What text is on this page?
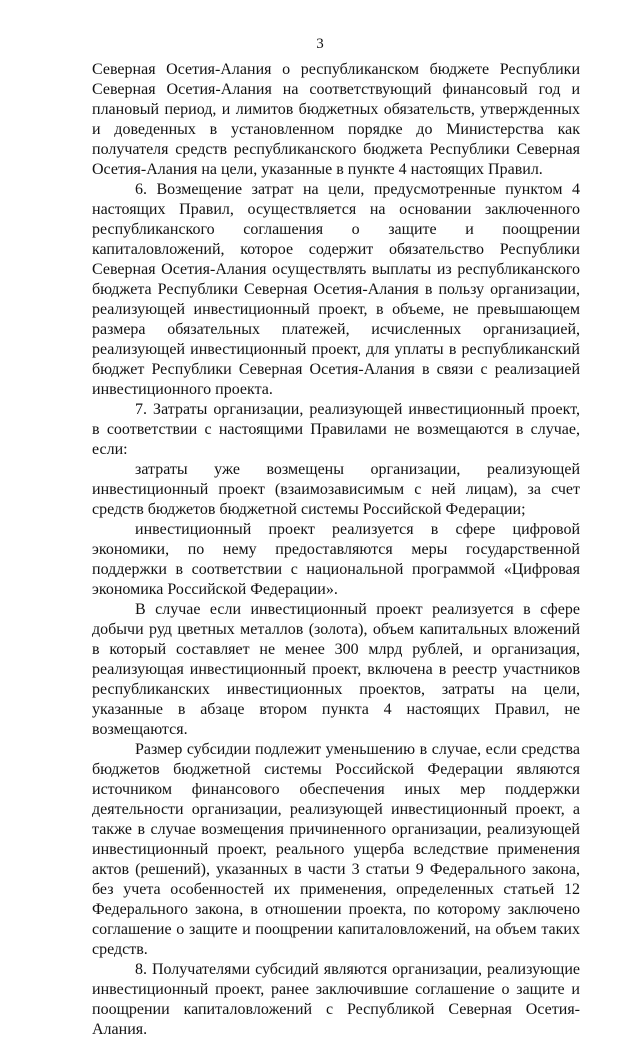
3

Северная Осетия-Алания о республиканском бюджете Республики Северная Осетия-Алания на соответствующий финансовый год и плановый период, и лимитов бюджетных обязательств, утвержденных и доведенных в установленном порядке до Министерства как получателя средств республиканского бюджета Республики Северная Осетия-Алания на цели, указанные в пункте 4 настоящих Правил.

6. Возмещение затрат на цели, предусмотренные пунктом 4 настоящих Правил, осуществляется на основании заключенного республиканского соглашения о защите и поощрении капиталовложений, которое содержит обязательство Республики Северная Осетия-Алания осуществлять выплаты из республиканского бюджета Республики Северная Осетия-Алания в пользу организации, реализующей инвестиционный проект, в объеме, не превышающем размера обязательных платежей, исчисленных организацией, реализующей инвестиционный проект, для уплаты в республиканский бюджет Республики Северная Осетия-Алания в связи с реализацией инвестиционного проекта.

7. Затраты организации, реализующей инвестиционный проект, в соответствии с настоящими Правилами не возмещаются в случае, если:

затраты уже возмещены организации, реализующей инвестиционный проект (взаимозависимым с ней лицам), за счет средств бюджетов бюджетной системы Российской Федерации;

инвестиционный проект реализуется в сфере цифровой экономики, по нему предоставляются меры государственной поддержки в соответствии с национальной программой «Цифровая экономика Российской Федерации».

В случае если инвестиционный проект реализуется в сфере добычи руд цветных металлов (золота), объем капитальных вложений в который составляет не менее 300 млрд рублей, и организация, реализующая инвестиционный проект, включена в реестр участников республиканских инвестиционных проектов, затраты на цели, указанные в абзаце втором пункта 4 настоящих Правил, не возмещаются.

Размер субсидии подлежит уменьшению в случае, если средства бюджетов бюджетной системы Российской Федерации являются источником финансового обеспечения иных мер поддержки деятельности организации, реализующей инвестиционный проект, а также в случае возмещения причиненного организации, реализующей инвестиционный проект, реального ущерба вследствие применения актов (решений), указанных в части 3 статьи 9 Федерального закона, без учета особенностей их применения, определенных статьей 12 Федерального закона, в отношении проекта, по которому заключено соглашение о защите и поощрении капиталовложений, на объем таких средств.

8. Получателями субсидий являются организации, реализующие инвестиционный проект, ранее заключившие соглашение о защите и поощрении капиталовложений с Республикой Северная Осетия-Алания.
